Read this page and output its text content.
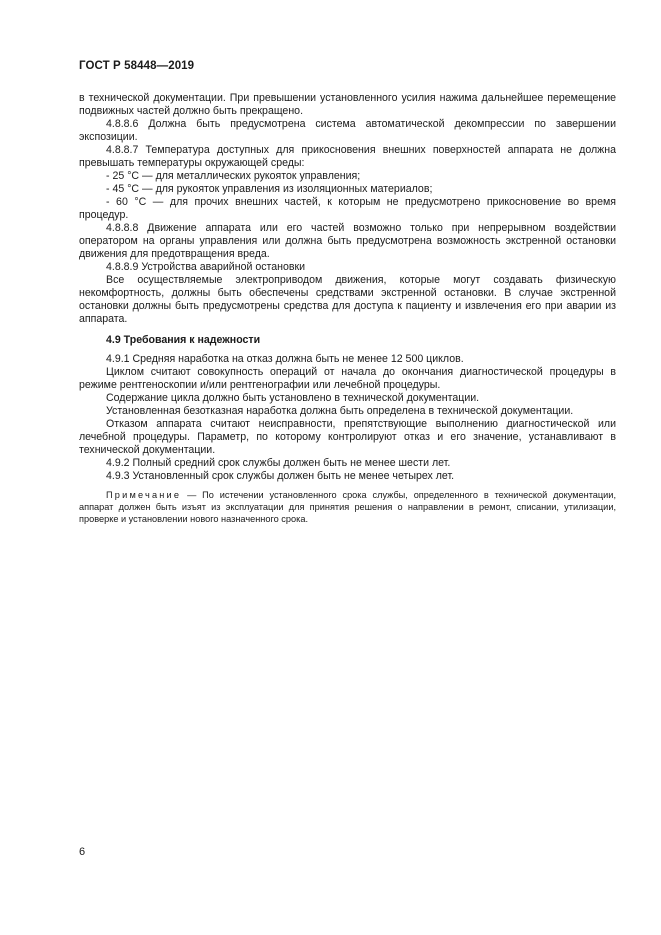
ГОСТ Р 58448—2019

в технической документации. При превышении установленного усилия нажима дальнейшее перемещение подвижных частей должно быть прекращено.

4.8.8.6 Должна быть предусмотрена система автоматической декомпрессии по завершении экспозиции.

4.8.8.7 Температура доступных для прикосновения внешних поверхностей аппарата не должна превышать температуры окружающей среды:

- 25 °С — для металлических рукояток управления;

- 45 °С — для рукояток управления из изоляционных материалов;

- 60 °С — для прочих внешних частей, к которым не предусмотрено прикосновение во время процедур.

4.8.8.8 Движение аппарата или его частей возможно только при непрерывном воздействии оператором на органы управления или должна быть предусмотрена возможность экстренной остановки движения для предотвращения вреда.

4.8.8.9 Устройства аварийной остановки

Все осуществляемые электроприводом движения, которые могут создавать физическую некомфортность, должны быть обеспечены средствами экстренной остановки. В случае экстренной остановки должны быть предусмотрены средства для доступа к пациенту и извлечения его при аварии из аппарата.

4.9 Требования к надежности

4.9.1 Средняя наработка на отказ должна быть не менее 12 500 циклов.

Циклом считают совокупность операций от начала до окончания диагностической процедуры в режиме рентгеноскопии и/или рентгенографии или лечебной процедуры.

Содержание цикла должно быть установлено в технической документации.

Установленная безотказная наработка должна быть определена в технической документации.

Отказом аппарата считают неисправности, препятствующие выполнению диагностической или лечебной процедуры. Параметр, по которому контролируют отказ и его значение, устанавливают в технической документации.

4.9.2 Полный средний срок службы должен быть не менее шести лет.

4.9.3 Установленный срок службы должен быть не менее четырех лет.

Примечание — По истечении установленного срока службы, определенного в технической документации, аппарат должен быть изъят из эксплуатации для принятия решения о направлении в ремонт, списании, утилизации, проверке и установлении нового назначенного срока.

6
